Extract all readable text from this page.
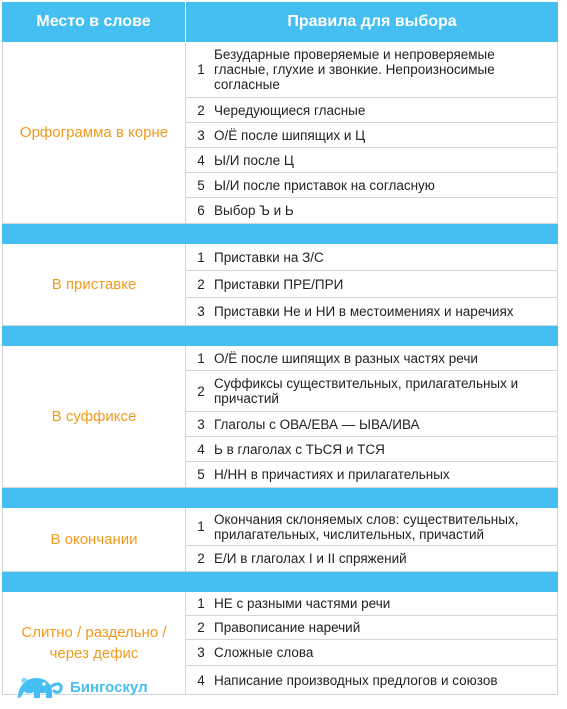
Место в слове	Правила для выбора
Орфограмма в корне
1
Безударные проверяемые и непроверяемые гласные, глухие и звонкие. Непроизносимые согласные
2 Чередующиеся гласные
3 О/Ё после шипящих и Ц
4 Ы/И после Ц
5 Ы/И после приставок на согласную
6 Выбор Ъ и Ь
В приставке
1 Приставки на З/С
2 Приставки ПРЕ/ПРИ
3 Приставки Не и НИ в местоимениях и наречиях
В суффиксе
1 О/Ё после шипящих в разных частях речи
2 Суффиксы существительных, прилагательных и причастий
3 Глаголы с ОВА/ЕВА — ЫВА/ИВА
4 Ь в глаголах с ТЬСЯ и ТСЯ
5 Н/НН в причастиях и прилагательных
В окончании
1 Окончания склоняемых слов: существительных, прилагательных, числительных, причастий
2 Е/И в глаголах I и II спряжений
Слитно / раздельно / через дефис
1 НЕ с разными частями речи
2 Правописание наречий
3 Сложные слова
4 Написание производных предлогов и союзов
Бингоскул
